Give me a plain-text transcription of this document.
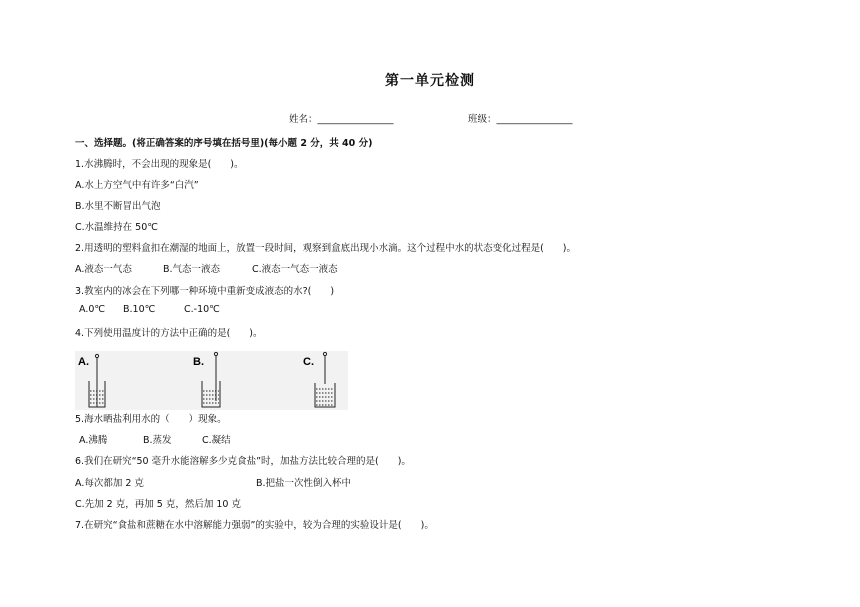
第一单元检测
姓名：________________	班级：________________
一、选择题。(将正确答案的序号填在括号里)(每小题 2 分，共 40 分)
1.水沸腾时，不会出现的现象是(　　)。
A.水上方空气中有许多“白汽”
B.水里不断冒出气泡
C.水温维持在 50℃
2.用透明的塑料盒扣在潮湿的地面上，放置一段时间，观察到盒底出现小水滴。这个过程中水的状态变化过程是(　　)。
A.液态一气态	B.气态一液态	C.液态一气态一液态
3.教室内的冰会在下列哪一种环境中重新变成液态的水?(　　)
A.0℃ B.10℃	C.-10℃
4.下列使用温度计的方法中正确的是(　　)。
A.	B.	C.
5.海水晒盐利用水的（　　）现象。
A.沸腾	B.蒸发	C.凝结
6.我们在研究“50 毫升水能溶解多少克食盐”时，加盐方法比较合理的是(　　)。
A.每次都加 2 克	B.把盐一次性倒入杯中
C.先加 2 克，再加 5 克，然后加 10 克
7.在研究“食盐和蔗糖在水中溶解能力强弱”的实验中，较为合理的实验设计是(　　)。
